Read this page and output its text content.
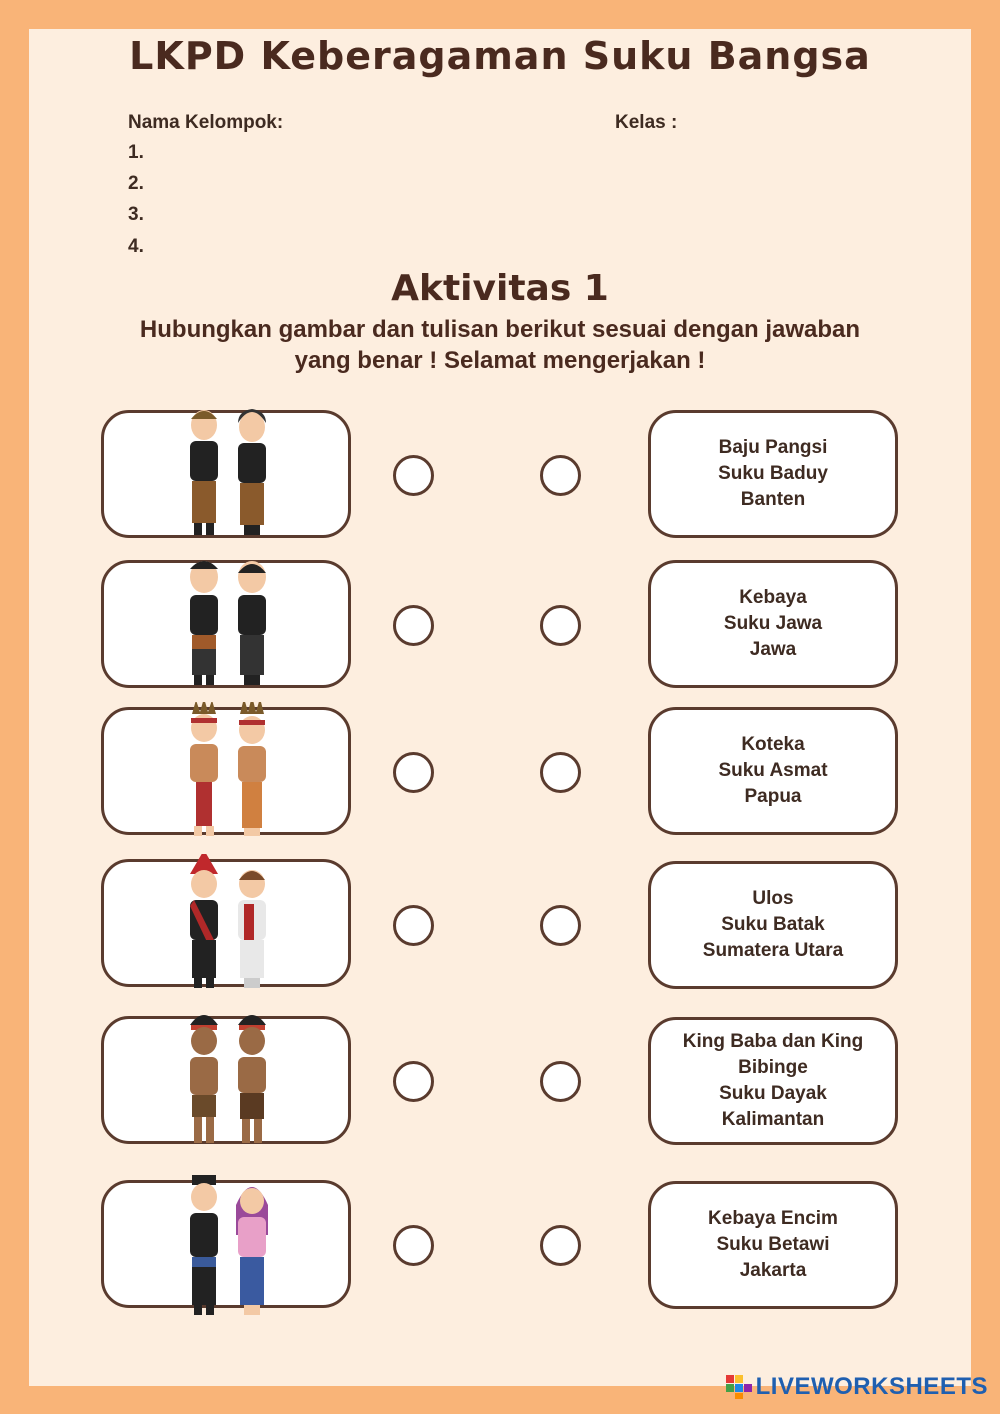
LKPD Keberagaman Suku Bangsa
Nama Kelompok:	Kelas :
1.
2.
3.
4.
Aktivitas 1
Hubungkan gambar dan tulisan berikut sesuai dengan jawaban
yang benar ! Selamat mengerjakan !
Baju Pangsi
Suku Baduy
Banten
Kebaya
Suku Jawa
Jawa
Koteka
Suku Asmat
Papua
Ulos
Suku Batak
Sumatera Utara
King Baba dan King Bibinge
Suku Dayak
Kalimantan
Kebaya Encim
Suku Betawi
Jakarta
LIVEWORKSHEETS
